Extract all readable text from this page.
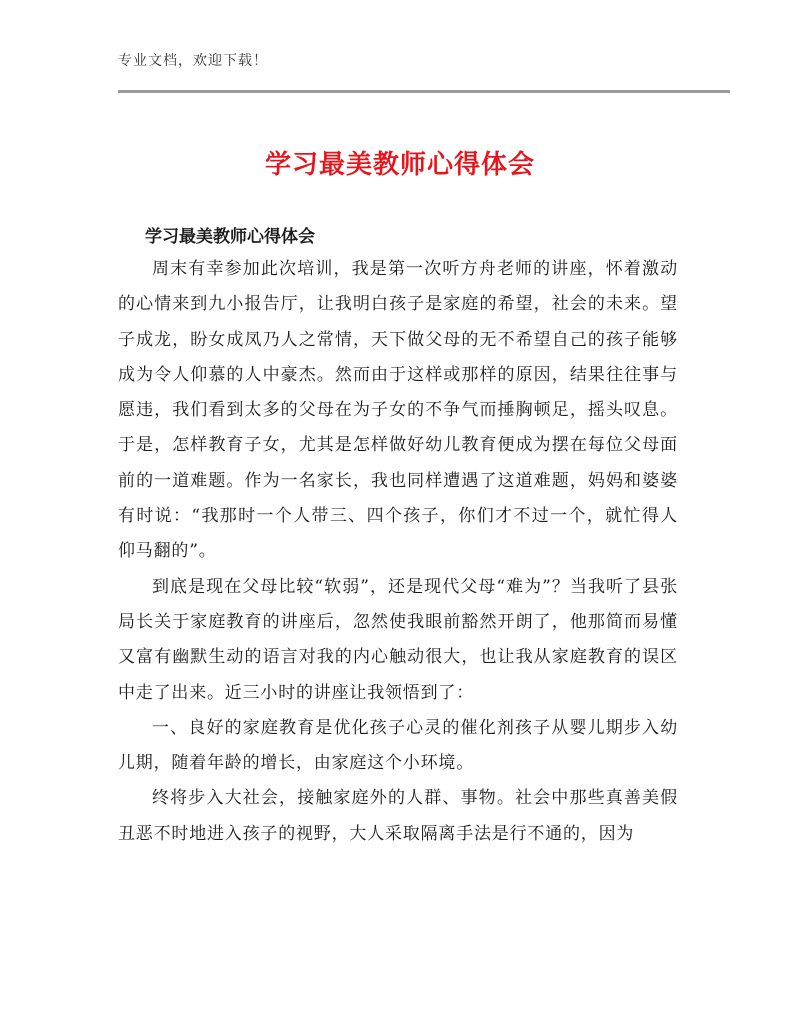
专业文档，欢迎下载！
学习最美教师心得体会
学习最美教师心得体会

周末有幸参加此次培训，我是第一次听方舟老师的讲座，怀着激动的心情来到九小报告厅，让我明白孩子是家庭的希望，社会的未来。望子成龙，盼女成凤乃人之常情，天下做父母的无不希望自己的孩子能够成为令人仰慕的人中豪杰。然而由于这样或那样的原因，结果往往事与愿违，我们看到太多的父母在为子女的不争气而捶胸顿足，摇头叹息。于是，怎样教育子女，尤其是怎样做好幼儿教育便成为摆在每位父母面前的一道难题。作为一名家长，我也同样遭遇了这道难题，妈妈和婆婆有时说：“我那时一个人带三、四个孩子，你们才不过一个，就忙得人仰马翻的”。

到底是现在父母比较“软弱”，还是现代父母“难为”？当我听了县张局长关于家庭教育的讲座后，忽然使我眼前豁然开朗了，他那简而易懂又富有幽默生动的语言对我的内心触动很大，也让我从家庭教育的误区中走了出来。近三小时的讲座让我领悟到了：

一、良好的家庭教育是优化孩子心灵的催化剂孩子从婴儿期步入幼儿期，随着年龄的增长，由家庭这个小环境。

终将步入大社会，接触家庭外的人群、事物。社会中那些真善美假丑恶不时地进入孩子的视野，大人采取隔离手法是行不通的，因为
